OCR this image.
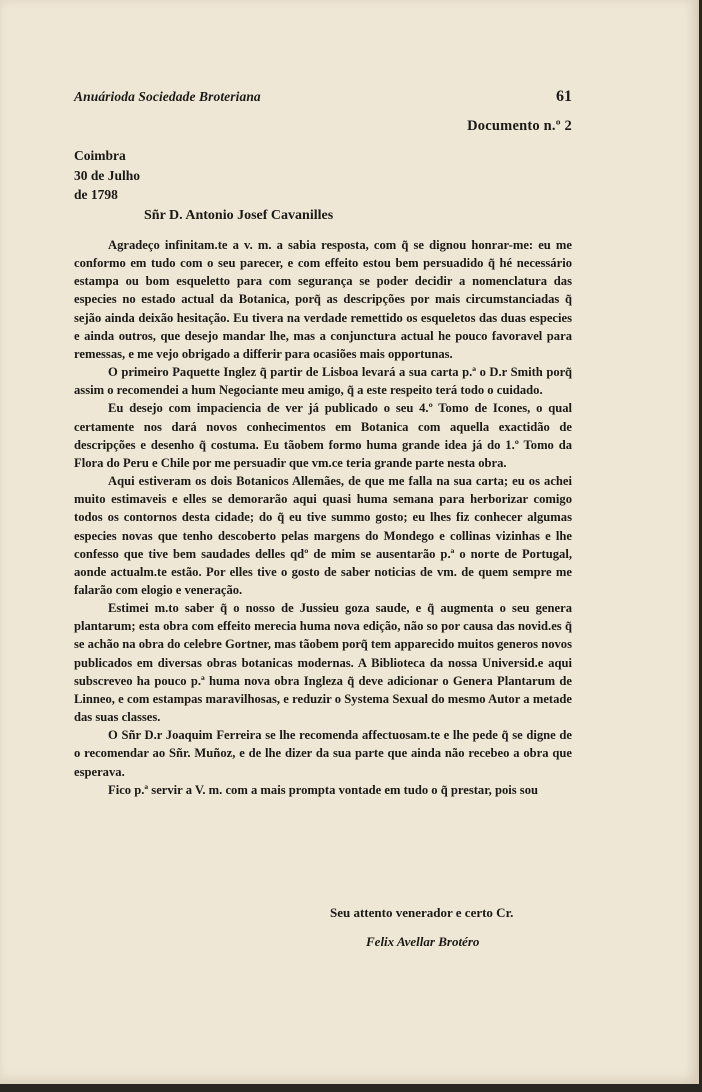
Anuárioda Sociedade Broteriana	61
Documento n.º 2
Coimbra
30 de Julho
de 1798
Sñr D. Antonio Josef Cavanilles

Agradeço infinitam.te a v. m. a sabia resposta, com q̃ se dignou honrar-me: eu me conformo em tudo com o seu parecer, e com effeito estou bem persuadido q̃ hé necessário estampa ou bom esqueletto para com segurança se poder decidir a nomenclatura das especies no estado actual da Botanica, porq̃ as descripções por mais circumstanciadas q̃ sejão ainda deixão hesitação. Eu tivera na verdade remettido os esqueletos das duas especies e ainda outros, que desejo mandar lhe, mas a conjunctura actual he pouco favoravel para remessas, e me vejo obrigado a differir para ocasiões mais opportunas.

O primeiro Paquette Inglez q̃ partir de Lisboa levará a sua carta p.ª o D.r Smith porq̃ assim o recomendei a hum Negociante meu amigo, q̃ a este respeito terá todo o cuidado.

Eu desejo com impaciencia de ver já publicado o seu 4.º Tomo de Icones, o qual certamente nos dará novos conhecimentos em Botanica com aquella exactidão de descripções e desenho q̃ costuma. Eu tãobem formo huma grande idea já do 1.º Tomo da Flora do Peru e Chile por me persuadir que vm.ce teria grande parte nesta obra.

Aqui estiveram os dois Botanicos Allemães, de que me falla na sua carta; eu os achei muito estimaveis e elles se demorarão aqui quasi huma semana para herborizar comigo todos os contornos desta cidade; do q̃ eu tive summo gosto; eu lhes fiz conhecer algumas especies novas que tenho descoberto pelas margens do Mondego e collinas vizinhas e lhe confesso que tive bem saudades delles qdº de mim se ausentarão p.ª o norte de Portugal, aonde actualm.te estão. Por elles tive o gosto de saber noticias de vm. de quem sempre me falarão com elogio e veneração.

Estimei m.to saber q̃ o nosso de Jussieu goza saude, e q̃ augmenta o seu genera plantarum; esta obra com effeito merecia huma nova edição, não so por causa das novid.es q̃ se achão na obra do celebre Gortner, mas tãobem porq̃ tem apparecido muitos generos novos publicados em diversas obras botanicas modernas. A Biblioteca da nossa Universid.e aqui subscreveo ha pouco p.ª huma nova obra Ingleza q̃ deve adicionar o Genera Plantarum de Linneo, e com estampas maravilhosas, e reduzir o Systema Sexual do mesmo Autor a metade das suas classes.

O Sñr D.r Joaquim Ferreira se lhe recomenda affectuosam.te e lhe pede q̃ se digne de o recomendar ao Sñr. Muñoz, e de lhe dizer da sua parte que ainda não recebeo a obra que esperava.

Fico p.ª servir a V. m. com a mais prompta vontade em tudo o q̃ prestar, pois sou

Seu attento venerador e certo Cr.
Felix Avellar Brotéro
